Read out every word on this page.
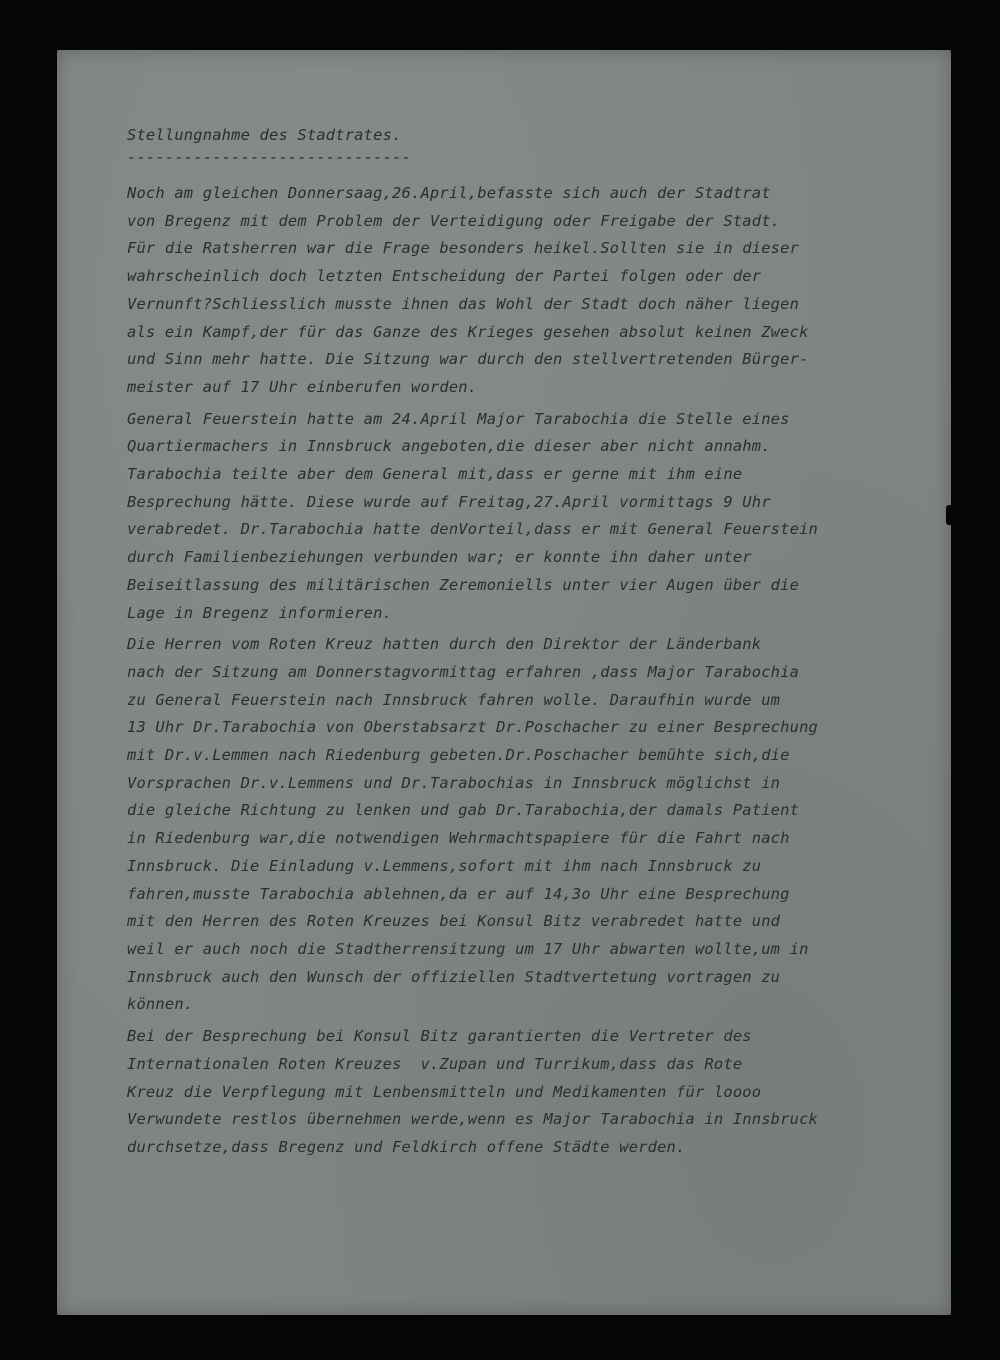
Stellungnahme des Stadtrates.
------------------------------

Noch am gleichen Donnersaag,26.April,befasste sich auch der Stadtrat
von Bregenz mit dem Problem der Verteidigung oder Freigabe der Stadt.
Für die Ratsherren war die Frage besonders heikel.Sollten sie in dieser
wahrscheinlich doch letzten Entscheidung der Partei folgen oder der
Vernunft?Schliesslich musste ihnen das Wohl der Stadt doch näher liegen
als ein Kampf,der für das Ganze des Krieges gesehen absolut keinen Zweck
und Sinn mehr hatte. Die Sitzung war durch den stellvertretenden Bürger-
meister auf 17 Uhr einberufen worden.

General Feuerstein hatte am 24.April Major Tarabochia die Stelle eines
Quartiermachers in Innsbruck angeboten,die dieser aber nicht annahm.
Tarabochia teilte aber dem General mit,dass er gerne mit ihm eine
Besprechung hätte. Diese wurde auf Freitag,27.April vormittags 9 Uhr
verabredet. Dr.Tarabochia hatte denVorteil,dass er mit General Feuerstein
durch Familienbeziehungen verbunden war; er konnte ihn daher unter
Beiseitlassung des militärischen Zeremoniells unter vier Augen über die
Lage in Bregenz informieren.

Die Herren vom Roten Kreuz hatten durch den Direktor der Länderbank
nach der Sitzung am Donnerstagvormittag erfahren ,dass Major Tarabochia
zu General Feuerstein nach Innsbruck fahren wolle. Daraufhin wurde um
13 Uhr Dr.Tarabochia von Oberstabsarzt Dr.Poschacher zu einer Besprechung
mit Dr.v.Lemmen nach Riedenburg gebeten.Dr.Poschacher bemühte sich,die
Vorsprachen Dr.v.Lemmens und Dr.Tarabochias in Innsbruck möglichst in
die gleiche Richtung zu lenken und gab Dr.Tarabochia,der damals Patient
in Riedenburg war,die notwendigen Wehrmachtspapiere für die Fahrt nach
Innsbruck. Die Einladung v.Lemmens,sofort mit ihm nach Innsbruck zu
fahren,musste Tarabochia ablehnen,da er auf 14,3o Uhr eine Besprechung
mit den Herren des Roten Kreuzes bei Konsul Bitz verabredet hatte und
weil er auch noch die Stadtherrensitzung um 17 Uhr abwarten wollte,um in
Innsbruck auch den Wunsch der offiziellen Stadtvertetung vortragen zu
können.

Bei der Besprechung bei Konsul Bitz garantierten die Vertreter des
Internationalen Roten Kreuzes  v.Zupan und Turrikum,dass das Rote
Kreuz die Verpflegung mit Lenbensmitteln und Medikamenten für loooo
Verwundete restlos übernehmen werde,wenn es Major Tarabochia in Innsbruck
durchsetze,dass Bregenz und Feldkirch offene Städte werden.
